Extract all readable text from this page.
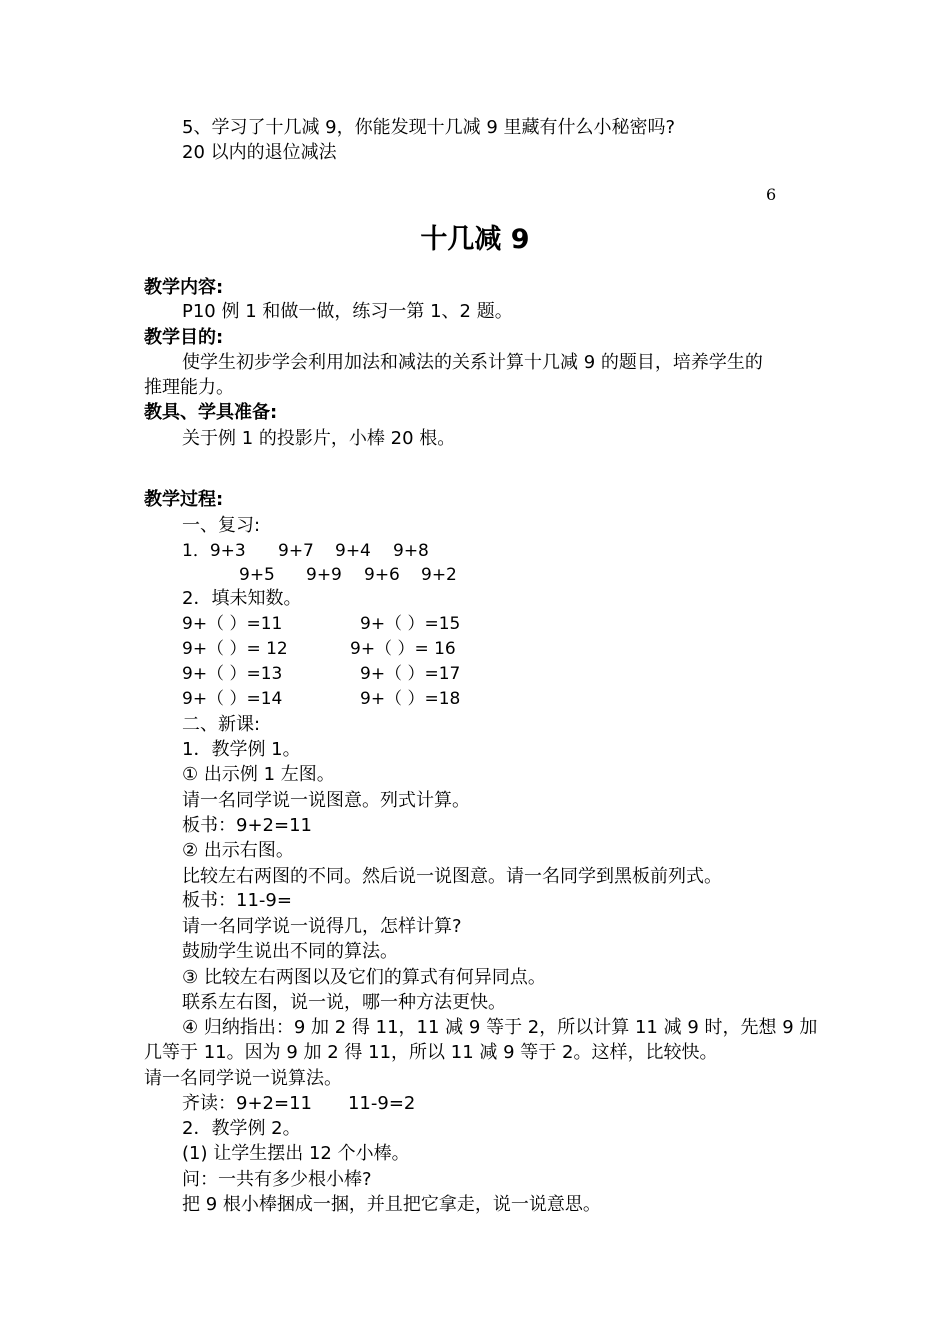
5、学习了十几减 9，你能发现十几减 9 里藏有什么小秘密吗?
20 以内的退位减法
6
十几减 9
教学内容:
P10 例 1 和做一做，练习一第 1、2 题。
教学目的:
使学生初步学会利用加法和减法的关系计算十几减 9 的题目，培养学生的
推理能力。
教具、学具准备:
关于例 1 的投影片，小棒 20 根。
教学过程:
一、复习:
1．9+3 9+7 9+4 9+8
9+5 9+9 9+6 9+2
2．填未知数。
9+（ ）=11	9+（ ）=15
9+（ ）= 12	9+（ ）= 16
9+（ ）=13	9+（ ）=17
9+（ ）=14	9+（ ）=18
二、新课:
1．教学例 1。
① 出示例 1 左图。
请一名同学说一说图意。列式计算。
板书：9+2=11
② 出示右图。
比较左右两图的不同。然后说一说图意。请一名同学到黑板前列式。
板书：11-9=
请一名同学说一说得几，怎样计算?
鼓励学生说出不同的算法。
③ 比较左右两图以及它们的算式有何异同点。
联系左右图，说一说，哪一种方法更快。
④ 归纳指出：9 加 2 得 11，11 减 9 等于 2，所以计算 11 减 9 时，先想 9 加
几等于 11。因为 9 加 2 得 11，所以 11 减 9 等于 2。这样，比较快。
请一名同学说一说算法。
齐读：9+2=11　　11-9=2
2．教学例 2。
(1) 让学生摆出 12 个小棒。
问：一共有多少根小棒?
把 9 根小棒捆成一捆，并且把它拿走，说一说意思。
